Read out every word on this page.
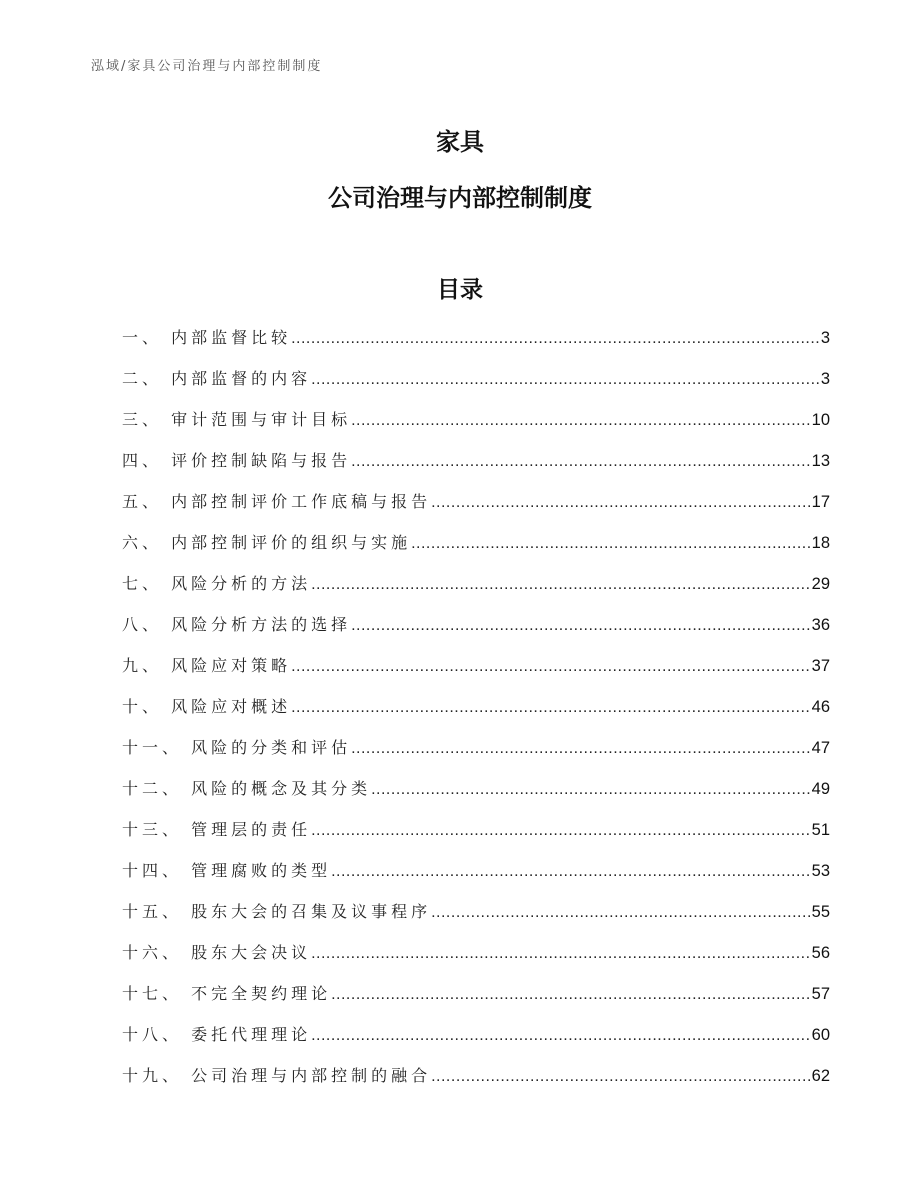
泓域/家具公司治理与内部控制制度
家具
公司治理与内部控制制度
目录
一、 内部监督比较 .....	3
二、 内部监督的内容 .....	3
三、 审计范围与审计目标 .....	10
四、 评价控制缺陷与报告 .....	13
五、 内部控制评价工作底稿与报告 .....	17
六、 内部控制评价的组织与实施 .....	18
七、 风险分析的方法 .....	29
八、 风险分析方法的选择 .....	36
九、 风险应对策略 .....	37
十、 风险应对概述 .....	46
十一、 风险的分类和评估 .....	47
十二、 风险的概念及其分类 .....	49
十三、 管理层的责任 .....	51
十四、 管理腐败的类型 .....	53
十五、 股东大会的召集及议事程序 .....	55
十六、 股东大会决议 .....	56
十七、 不完全契约理论 .....	57
十八、 委托代理理论 .....	60
十九、 公司治理与内部控制的融合 .....	62
